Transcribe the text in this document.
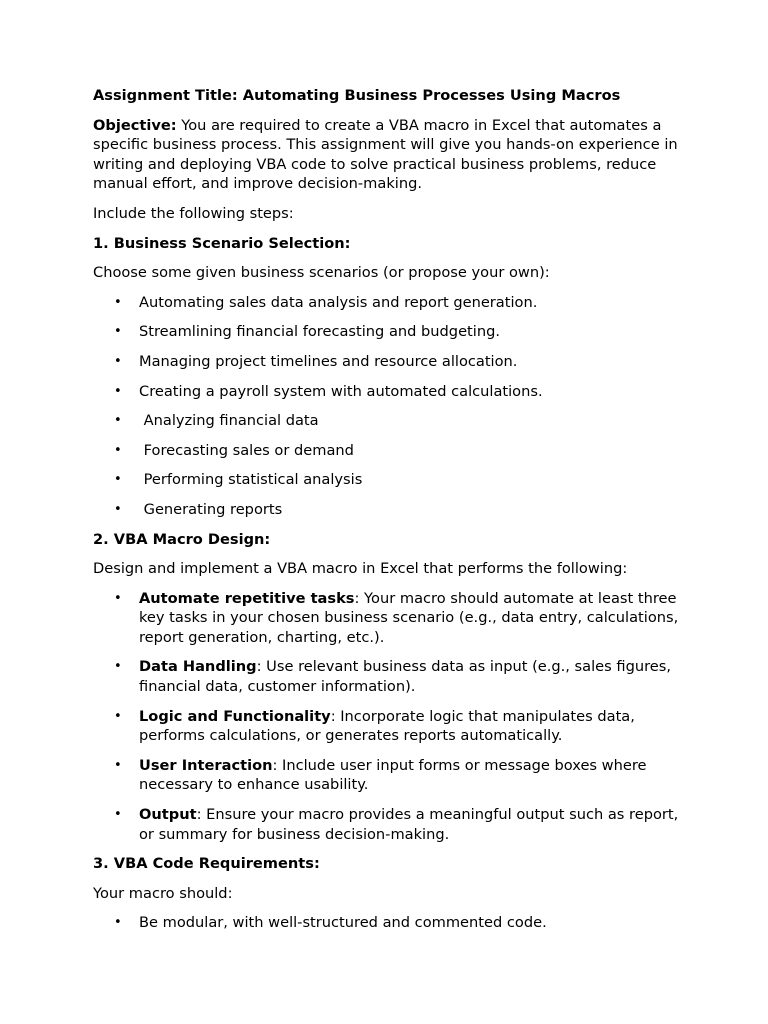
Assignment Title: Automating Business Processes Using Macros

Objective: You are required to create a VBA macro in Excel that automates a specific business process. This assignment will give you hands-on experience in writing and deploying VBA code to solve practical business problems, reduce manual effort, and improve decision-making.

Include the following steps:

1. Business Scenario Selection:

Choose some given business scenarios (or propose your own):

• Automating sales data analysis and report generation.
• Streamlining financial forecasting and budgeting.
• Managing project timelines and resource allocation.
• Creating a payroll system with automated calculations.
• Analyzing financial data
• Forecasting sales or demand
• Performing statistical analysis
• Generating reports
2. VBA Macro Design:

Design and implement a VBA macro in Excel that performs the following:

• Automate repetitive tasks: Your macro should automate at least three key tasks in your chosen business scenario (e.g., data entry, calculations, report generation, charting, etc.).
• Data Handling: Use relevant business data as input (e.g., sales figures, financial data, customer information).
• Logic and Functionality: Incorporate logic that manipulates data, performs calculations, or generates reports automatically.
• User Interaction: Include user input forms or message boxes where necessary to enhance usability.
• Output: Ensure your macro provides a meaningful output such as report, or summary for business decision-making.
3. VBA Code Requirements:

Your macro should:

• Be modular, with well-structured and commented code.
